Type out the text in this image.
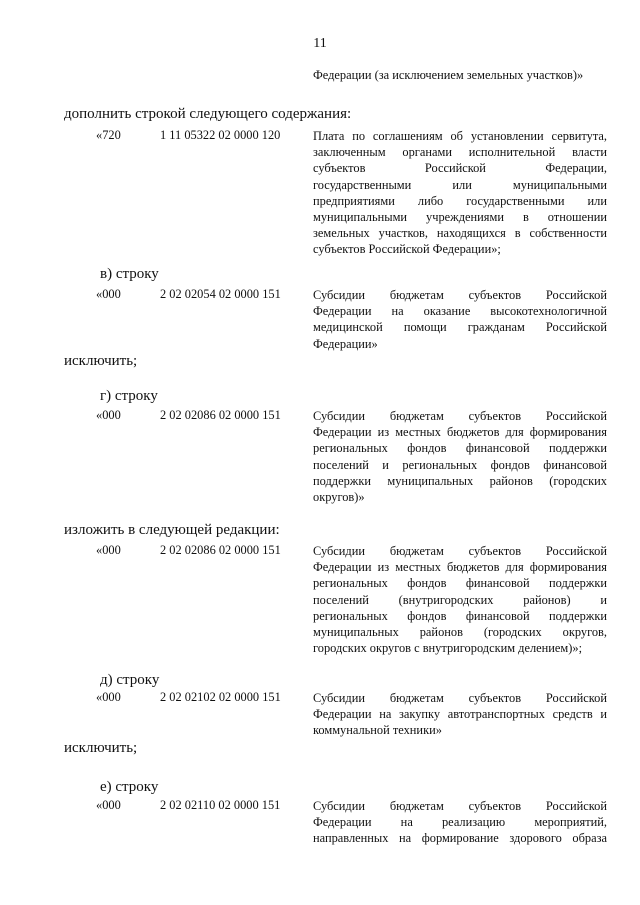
11
Федерации (за исключением земельных участков)»
дополнить строкой следующего содержания:
«720	1 11 05322 02 0000 120	Плата по соглашениям об установлении сервитута,
заключенным органами исполнительной власти
субъектов Российской Федерации,
государственными или муниципальными
предприятиями либо государственными или
муниципальными учреждениями в отношении
земельных участков, находящихся в собственности
субъектов Российской Федерации»;
в) строку
«000	2 02 02054 02 0000 151	Субсидии бюджетам субъектов Российской
Федерации на оказание высокотехнологичной
медицинской помощи гражданам Российской
Федерации»
исключить;
г) строку
«000	2 02 02086 02 0000 151	Субсидии бюджетам субъектов Российской
Федерации из местных бюджетов для формирования
региональных фондов финансовой поддержки
поселений и региональных фондов финансовой
поддержки муниципальных районов (городских
округов)»
изложить в следующей редакции:
«000	2 02 02086 02 0000 151	Субсидии бюджетам субъектов Российской
Федерации из местных бюджетов для формирования
региональных фондов финансовой поддержки
поселений (внутригородских районов) и
региональных фондов финансовой поддержки
муниципальных районов (городских округов,
городских округов с внутригородским делением)»;
д) строку
«000	2 02 02102 02 0000 151	Субсидии бюджетам субъектов Российской
Федерации на закупку автотранспортных средств и
коммунальной техники»
исключить;
е) строку
«000	2 02 02110 02 0000 151	Субсидии бюджетам субъектов Российской
Федерации на реализацию мероприятий,
направленных на формирование здорового образа
